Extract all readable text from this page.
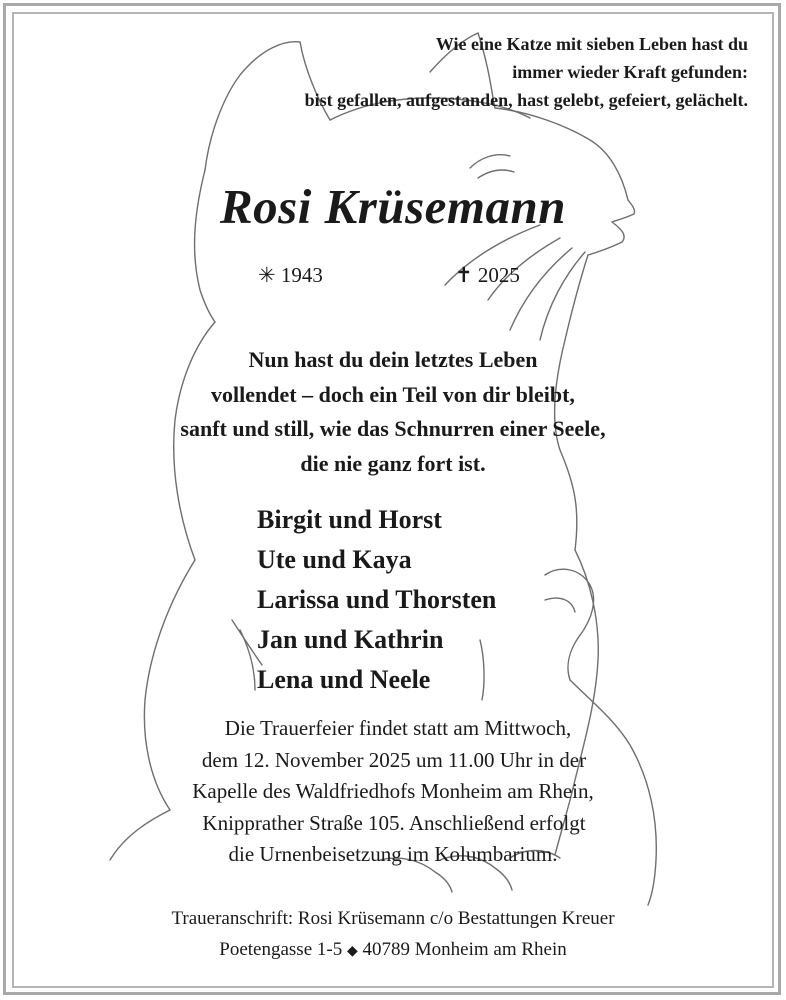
Wie eine Katze mit sieben Leben hast du
immer wieder Kraft gefunden:
bist gefallen, aufgestanden, hast gelebt, gefeiert, gelächelt.
Rosi Krüsemann
✳ 1943	✝ 2025
Nun hast du dein letztes Leben
vollendet – doch ein Teil von dir bleibt,
sanft und still, wie das Schnurren einer Seele,
die nie ganz fort ist.
Birgit und Horst
Ute und Kaya
Larissa und Thorsten
Jan und Kathrin
Lena und Neele
Die Trauerfeier findet statt am Mittwoch,
dem 12. November 2025 um 11.00 Uhr in der
Kapelle des Waldfriedhofs Monheim am Rhein,
Knipprather Straße 105. Anschließend erfolgt
die Urnenbeisetzung im Kolumbarium.
Traueranschrift: Rosi Krüsemann c/o Bestattungen Kreuer
Poetengasse 1-5 ◆ 40789 Monheim am Rhein
